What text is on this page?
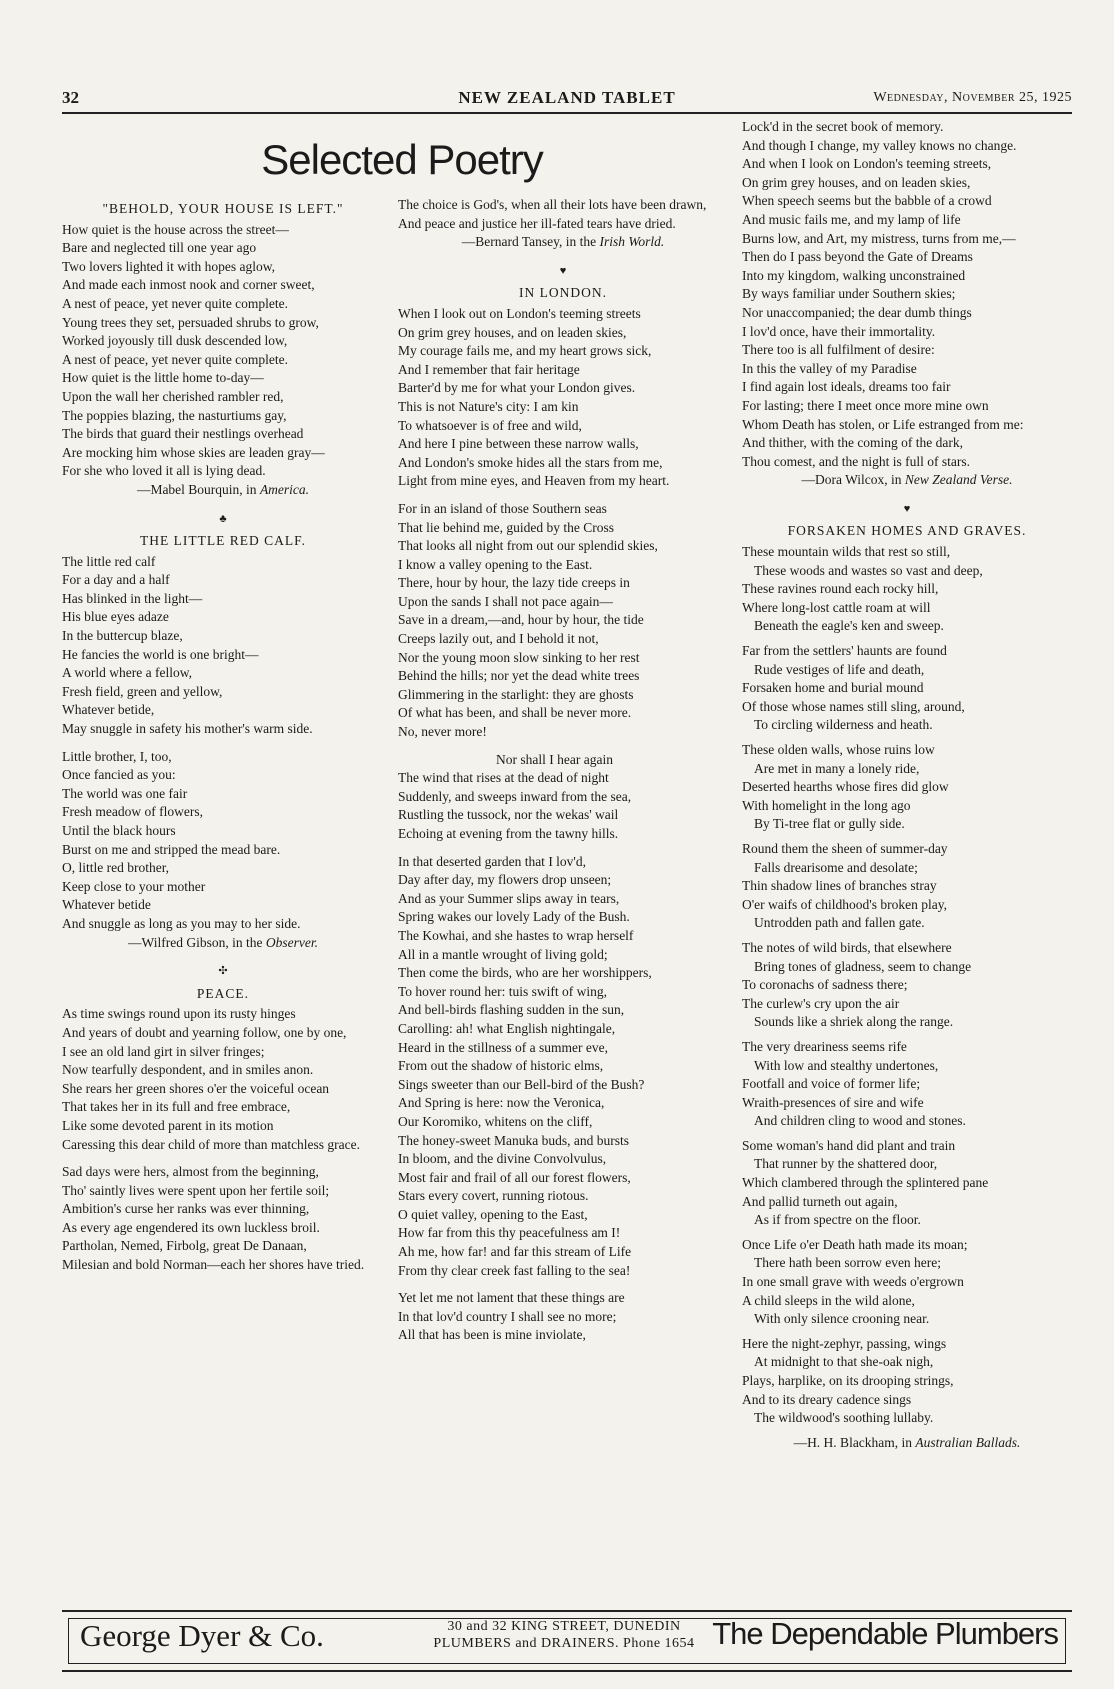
32	NEW ZEALAND TABLET	Wednesday, November 25, 1925
Selected Poetry
"BEHOLD, YOUR HOUSE IS LEFT."

How quiet is the house across the street—

Bare and neglected till one year ago

Two lovers lighted it with hopes aglow,

And made each inmost nook and corner sweet,

A nest of peace, yet never quite complete.

Young trees they set, persuaded shrubs to grow,

Worked joyously till dusk descended low,

A nest of peace, yet never quite complete.

How quiet is the little home to-day—

Upon the wall her cherished rambler red,

The poppies blazing, the nasturtiums gay,

The birds that guard their nestlings overhead

Are mocking him whose skies are leaden gray—

For she who loved it all is lying dead.

—Mabel Bourquin, in America.

♣
THE LITTLE RED CALF.

The little red calf

For a day and a half

Has blinked in the light—

His blue eyes adaze

In the buttercup blaze,

He fancies the world is one bright—

A world where a fellow,

Fresh field, green and yellow,

Whatever betide,

May snuggle in safety his mother's warm side.

Little brother, I, too,

Once fancied as you:

The world was one fair

Fresh meadow of flowers,

Until the black hours

Burst on me and stripped the mead bare.

O, little red brother,

Keep close to your mother

Whatever betide

And snuggle as long as you may to her side.

—Wilfred Gibson, in the Observer.

✣
PEACE.

As time swings round upon its rusty hinges

And years of doubt and yearning follow, one by one,

I see an old land girt in silver fringes;

Now tearfully despondent, and in smiles anon.

She rears her green shores o'er the voiceful ocean

That takes her in its full and free embrace,

Like some devoted parent in its motion

Caressing this dear child of more than matchless grace.

Sad days were hers, almost from the beginning,

Tho' saintly lives were spent upon her fertile soil;

Ambition's curse her ranks was ever thinning,

As every age engendered its own luckless broil.

Partholan, Nemed, Firbolg, great De Danaan,

Milesian and bold Norman—each her shores have tried.

The choice is God's, when all their lots have been drawn,

And peace and justice her ill-fated tears have dried.

—Bernard Tansey, in the Irish World.

♥
IN LONDON.

When I look out on London's teeming streets

On grim grey houses, and on leaden skies,

My courage fails me, and my heart grows sick,

And I remember that fair heritage

Barter'd by me for what your London gives.

This is not Nature's city: I am kin

To whatsoever is of free and wild,

And here I pine between these narrow walls,

And London's smoke hides all the stars from me,

Light from mine eyes, and Heaven from my heart.

For in an island of those Southern seas

That lie behind me, guided by the Cross

That looks all night from out our splendid skies,

I know a valley opening to the East.

There, hour by hour, the lazy tide creeps in

Upon the sands I shall not pace again—

Save in a dream,—and, hour by hour, the tide

Creeps lazily out, and I behold it not,

Nor the young moon slow sinking to her rest

Behind the hills; nor yet the dead white trees

Glimmering in the starlight: they are ghosts

Of what has been, and shall be never more.

No, never more!

Nor shall I hear again

The wind that rises at the dead of night

Suddenly, and sweeps inward from the sea,

Rustling the tussock, nor the wekas' wail

Echoing at evening from the tawny hills.

In that deserted garden that I lov'd,

Day after day, my flowers drop unseen;

And as your Summer slips away in tears,

Spring wakes our lovely Lady of the Bush.

The Kowhai, and she hastes to wrap herself

All in a mantle wrought of living gold;

Then come the birds, who are her worshippers,

To hover round her: tuis swift of wing,

And bell-birds flashing sudden in the sun,

Carolling: ah! what English nightingale,

Heard in the stillness of a summer eve,

From out the shadow of historic elms,

Sings sweeter than our Bell-bird of the Bush?

And Spring is here: now the Veronica,

Our Koromiko, whitens on the cliff,

The honey-sweet Manuka buds, and bursts

In bloom, and the divine Convolvulus,

Most fair and frail of all our forest flowers,

Stars every covert, running riotous.

O quiet valley, opening to the East,

How far from this thy peacefulness am I!

Ah me, how far! and far this stream of Life

From thy clear creek fast falling to the sea!

Yet let me not lament that these things are

In that lov'd country I shall see no more;

All that has been is mine inviolate,

Lock'd in the secret book of memory.

And though I change, my valley knows no change.

And when I look on London's teeming streets,

On grim grey houses, and on leaden skies,

When speech seems but the babble of a crowd

And music fails me, and my lamp of life

Burns low, and Art, my mistress, turns from me,—

Then do I pass beyond the Gate of Dreams

Into my kingdom, walking unconstrained

By ways familiar under Southern skies;

Nor unaccompanied; the dear dumb things

I lov'd once, have their immortality.

There too is all fulfilment of desire:

In this the valley of my Paradise

I find again lost ideals, dreams too fair

For lasting; there I meet once more mine own

Whom Death has stolen, or Life estranged from me:

And thither, with the coming of the dark,

Thou comest, and the night is full of stars.

—Dora Wilcox, in New Zealand Verse.

♥
FORSAKEN HOMES AND GRAVES.

These mountain wilds that rest so still,

These woods and wastes so vast and deep,

These ravines round each rocky hill,

Where long-lost cattle roam at will

Beneath the eagle's ken and sweep.

Far from the settlers' haunts are found

Rude vestiges of life and death,

Forsaken home and burial mound

Of those whose names still sling, around,

To circling wilderness and heath.

These olden walls, whose ruins low

Are met in many a lonely ride,

Deserted hearths whose fires did glow

With homelight in the long ago

By Ti-tree flat or gully side.

Round them the sheen of summer-day

Falls drearisome and desolate;

Thin shadow lines of branches stray

O'er waifs of childhood's broken play,

Untrodden path and fallen gate.

The notes of wild birds, that elsewhere

Bring tones of gladness, seem to change

To coronachs of sadness there;

The curlew's cry upon the air

Sounds like a shriek along the range.

The very dreariness seems rife

With low and stealthy undertones,

Footfall and voice of former life;

Wraith-presences of sire and wife

And children cling to wood and stones.

Some woman's hand did plant and train

That runner by the shattered door,

Which clambered through the splintered pane

And pallid turneth out again,

As if from spectre on the floor.

Once Life o'er Death hath made its moan;

There hath been sorrow even here;

In one small grave with weeds o'ergrown

A child sleeps in the wild alone,

With only silence crooning near.

Here the night-zephyr, passing, wings

At midnight to that she-oak nigh,

Plays, harplike, on its drooping strings,

And to its dreary cadence sings

The wildwood's soothing lullaby.

—H. H. Blackham, in Australian Ballads.

George Dyer & Co.	30 and 32 KING STREET, DUNEDIN
PLUMBERS and DRAINERS. Phone 1654 The Dependable Plumbers
